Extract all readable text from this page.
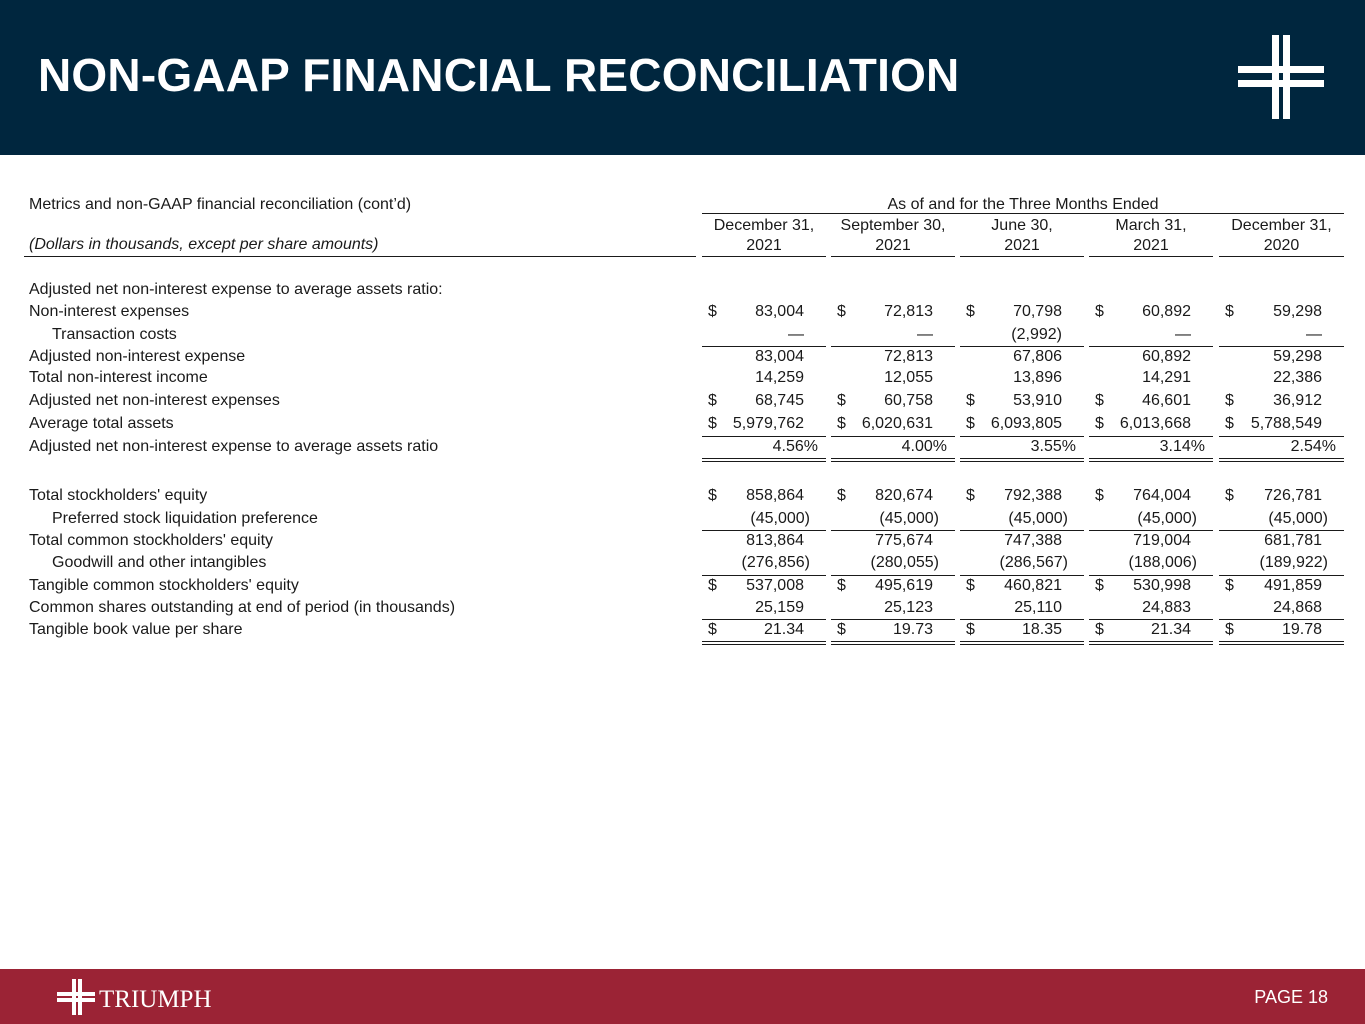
NON-GAAP FINANCIAL RECONCILIATION
Metrics and non-GAAP financial reconciliation (cont’d)
(Dollars in thousands, except per share amounts)
As of and for the Three Months Ended
December 31,
2021
September 30,
2021
June 30,
2021
March 31,
2021
December 31,
2020
Adjusted net non-interest expense to average assets ratio:
Non-interest expenses	$ 83,004 $ 72,813 $ 70,798 $ 60,892 $ 59,298
Transaction costs	—	—	(2,992)	—	—
Adjusted non-interest expense	83,004	72,813	67,806	60,892	59,298
Total non-interest income	14,259	12,055	13,896	14,291	22,386
Adjusted net non-interest expenses	$ 68,745 $ 60,758 $ 53,910 $ 46,601 $ 36,912
Average total assets	$ 5,979,762 $ 6,020,631 $ 6,093,805 $ 6,013,668 $ 5,788,549
Adjusted net non-interest expense to average assets ratio	4.56%	4.00%	3.55%	3.14%	2.54%
Total stockholders' equity	$ 858,864 $ 820,674 $ 792,388 $ 764,004 $ 726,781
Preferred stock liquidation preference	(45,000)	(45,000)	(45,000)	(45,000)	(45,000)
Total common stockholders' equity	813,864	775,674	747,388	719,004	681,781
Goodwill and other intangibles	(276,856)	(280,055)	(286,567)	(188,006)	(189,922)
Tangible common stockholders' equity	$ 537,008 $ 495,619 $ 460,821 $ 530,998 $ 491,859
Common shares outstanding at end of period (in thousands)	25,159	25,123	25,110	24,883	24,868
Tangible book value per share	$	21.34 $	19.73 $	18.35 $	21.34 $	19.78
TRIUMPH	PAGE 18
